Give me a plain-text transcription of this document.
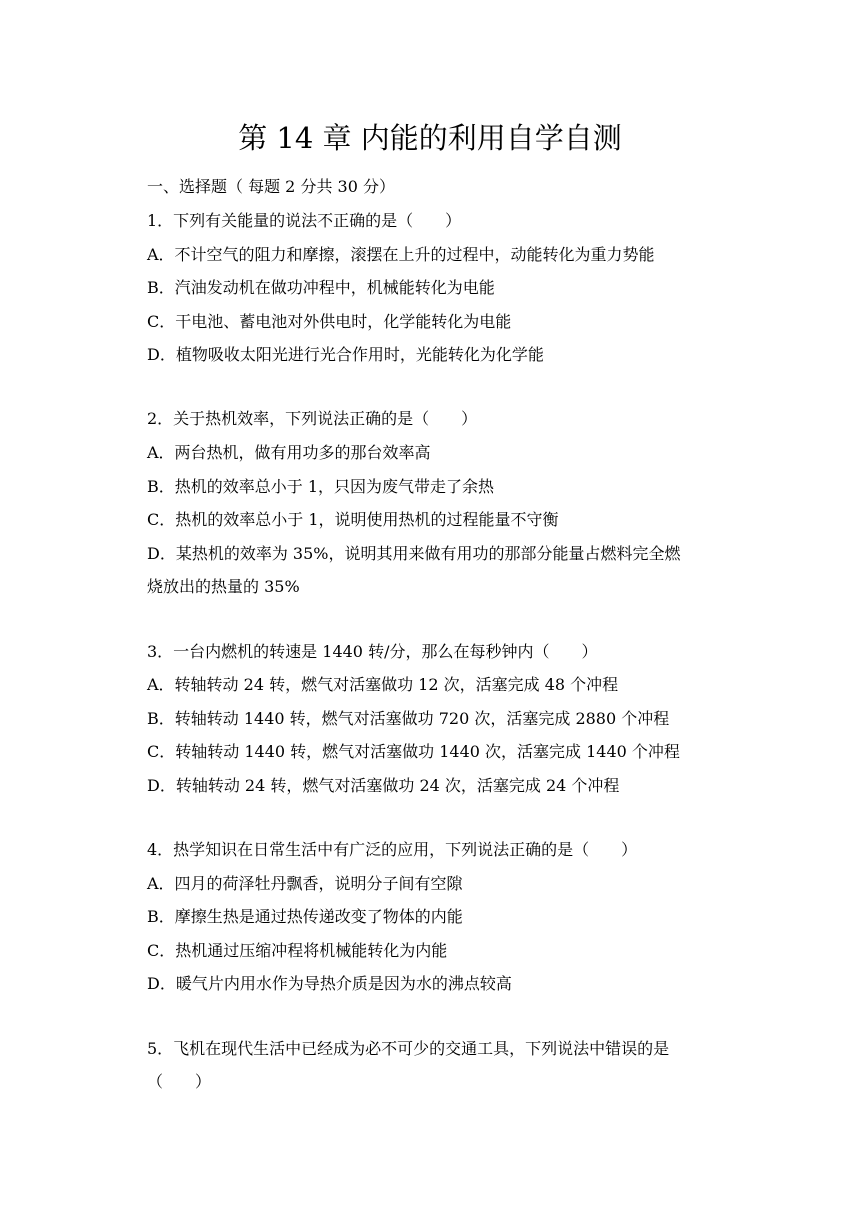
第 14 章 内能的利用自学自测
一、选择题（ 每题 2 分共 30 分）
1．下列有关能量的说法不正确的是（　　）
A．不计空气的阻力和摩擦，滚摆在上升的过程中，动能转化为重力势能
B．汽油发动机在做功冲程中，机械能转化为电能
C．干电池、蓄电池对外供电时，化学能转化为电能
D．植物吸收太阳光进行光合作用时，光能转化为化学能
2．关于热机效率，下列说法正确的是（　　）
A．两台热机，做有用功多的那台效率高
B．热机的效率总小于 1，只因为废气带走了余热
C．热机的效率总小于 1，说明使用热机的过程能量不守衡
D．某热机的效率为 35%，说明其用来做有用功的那部分能量占燃料完全燃
烧放出的热量的 35%
3．一台内燃机的转速是 1440 转/分，那么在每秒钟内（　　）
A．转轴转动 24 转，燃气对活塞做功 12 次，活塞完成 48 个冲程
B．转轴转动 1440 转，燃气对活塞做功 720 次，活塞完成 2880 个冲程
C．转轴转动 1440 转，燃气对活塞做功 1440 次，活塞完成 1440 个冲程
D．转轴转动 24 转，燃气对活塞做功 24 次，活塞完成 24 个冲程
4．热学知识在日常生活中有广泛的应用，下列说法正确的是（　　）
A．四月的荷泽牡丹飘香，说明分子间有空隙
B．摩擦生热是通过热传递改变了物体的内能
C．热机通过压缩冲程将机械能转化为内能
D．暖气片内用水作为导热介质是因为水的沸点较高
5．飞机在现代生活中已经成为必不可少的交通工具，下列说法中错误的是
（　　）
